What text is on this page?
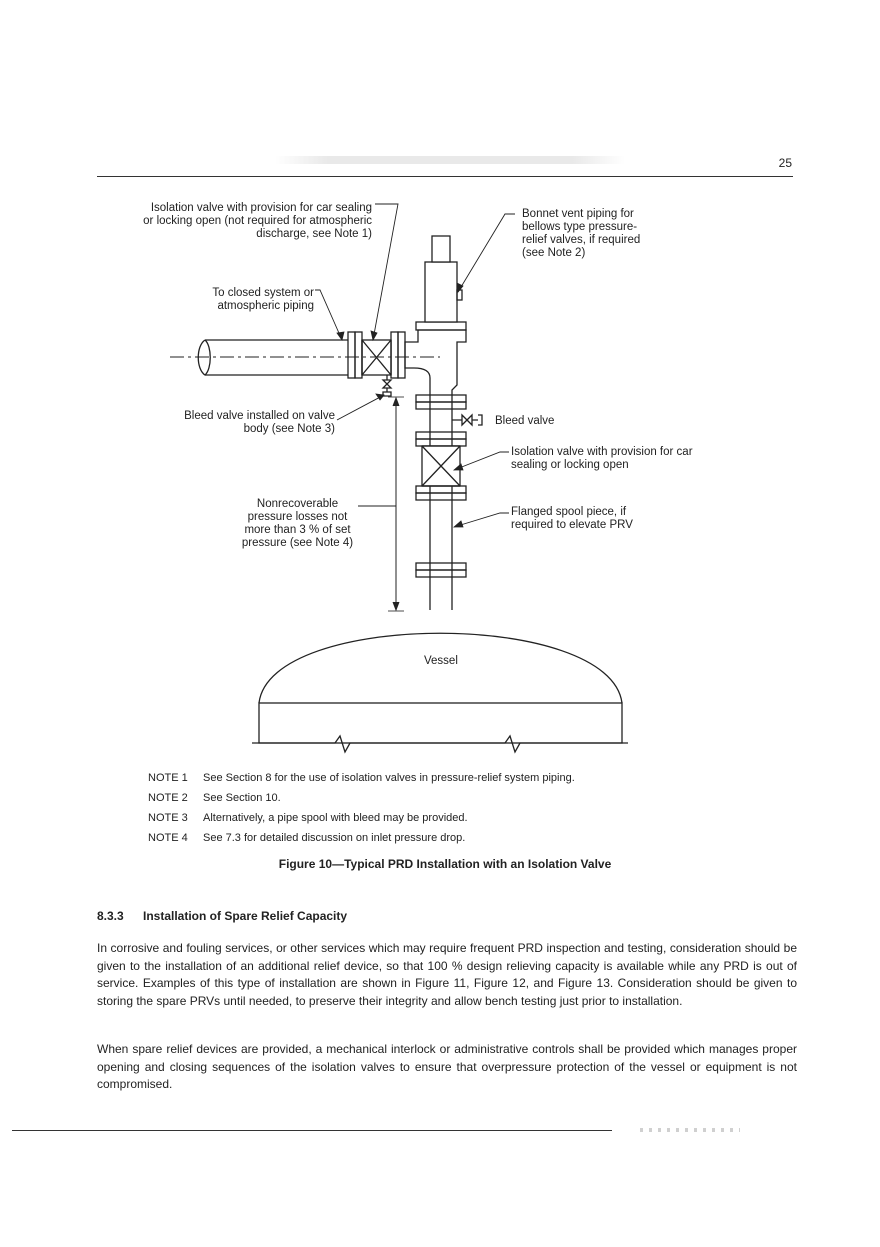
25
Isolation valve with provision for car sealing or locking open (not required for atmospheric discharge, see Note 1)
Bonnet vent piping for bellows type pressure-relief valves, if required (see Note 2)
To closed system or atmospheric piping
Bleed valve installed on valve body (see Note 3)
Bleed valve
Isolation valve with provision for car sealing or locking open
Flanged spool piece, if required to elevate PRV
Nonrecoverable pressure losses not more than 3 % of set pressure (see Note 4)
Vessel
NOTE 1 See Section 8 for the use of isolation valves in pressure-relief system piping.
NOTE 2 See Section 10.
NOTE 3 Alternatively, a pipe spool with bleed may be provided.
NOTE 4 See 7.3 for detailed discussion on inlet pressure drop.
Figure 10—Typical PRD Installation with an Isolation Valve
8.3.3 Installation of Spare Relief Capacity

In corrosive and fouling services, or other services which may require frequent PRD inspection and testing, consideration should be given to the installation of an additional relief device, so that 100 % design relieving capacity is available while any PRD is out of service. Examples of this type of installation are shown in Figure 11, Figure 12, and Figure 13. Consideration should be given to storing the spare PRVs until needed, to preserve their integrity and allow bench testing just prior to installation.

When spare relief devices are provided, a mechanical interlock or administrative controls shall be provided which manages proper opening and closing sequences of the isolation valves to ensure that overpressure protection of the vessel or equipment is not compromised.
